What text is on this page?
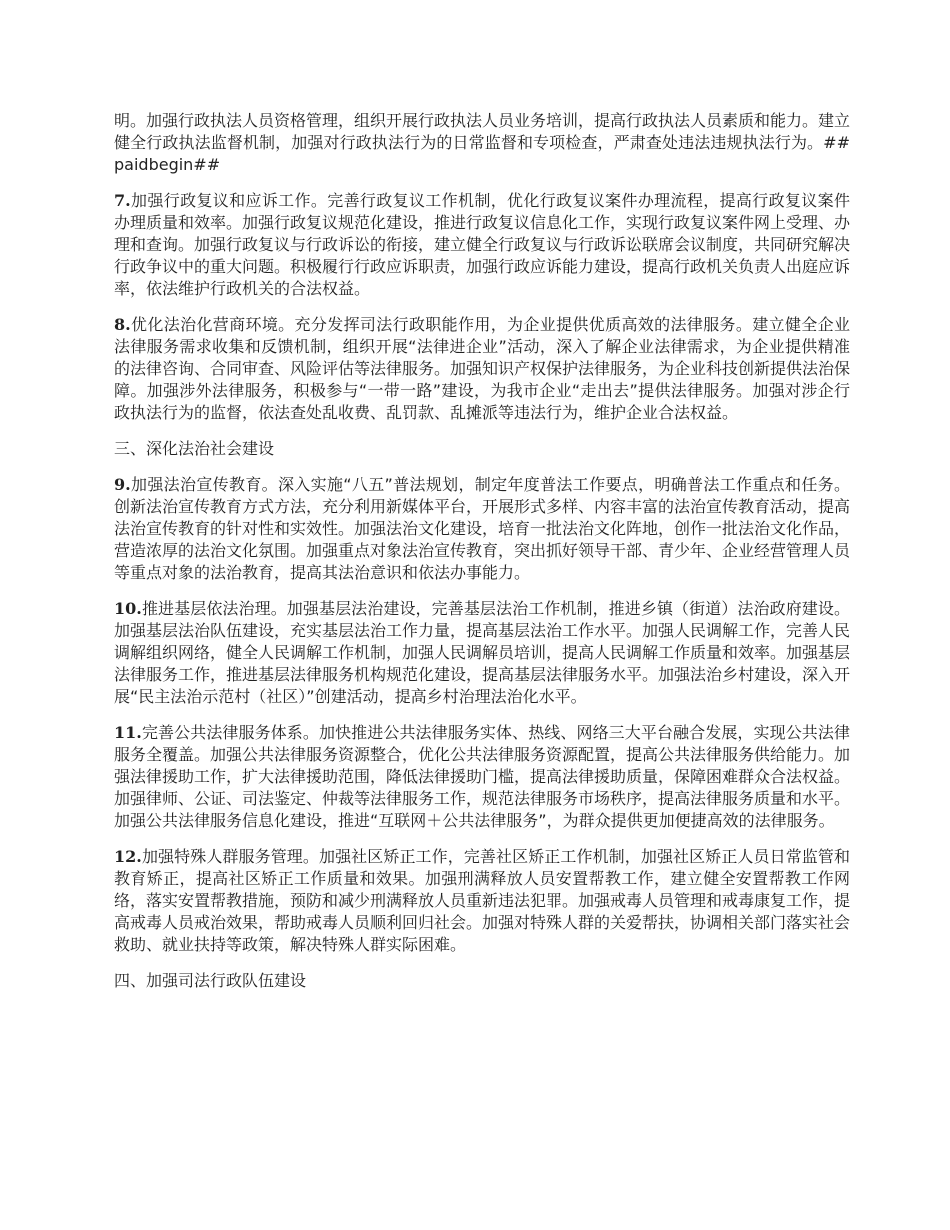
明。加强行政执法人员资格管理，组织开展行政执法人员业务培训，提高行政执法人员素质和能力。建立健全行政执法监督机制，加强对行政执法行为的日常监督和专项检查，严肃查处违法违规执法行为。##paidbegin##

7.加强行政复议和应诉工作。完善行政复议工作机制，优化行政复议案件办理流程，提高行政复议案件办理质量和效率。加强行政复议规范化建设，推进行政复议信息化工作，实现行政复议案件网上受理、办理和查询。加强行政复议与行政诉讼的衔接，建立健全行政复议与行政诉讼联席会议制度，共同研究解决行政争议中的重大问题。积极履行行政应诉职责，加强行政应诉能力建设，提高行政机关负责人出庭应诉率，依法维护行政机关的合法权益。

8.优化法治化营商环境。充分发挥司法行政职能作用，为企业提供优质高效的法律服务。建立健全企业法律服务需求收集和反馈机制，组织开展“法律进企业”活动，深入了解企业法律需求，为企业提供精准的法律咨询、合同审查、风险评估等法律服务。加强知识产权保护法律服务，为企业科技创新提供法治保障。加强涉外法律服务，积极参与“一带一路”建设，为我市企业“走出去”提供法律服务。加强对涉企行政执法行为的监督，依法查处乱收费、乱罚款、乱摊派等违法行为，维护企业合法权益。

三、深化法治社会建设

9.加强法治宣传教育。深入实施“八五”普法规划，制定年度普法工作要点，明确普法工作重点和任务。创新法治宣传教育方式方法，充分利用新媒体平台，开展形式多样、内容丰富的法治宣传教育活动，提高法治宣传教育的针对性和实效性。加强法治文化建设，培育一批法治文化阵地，创作一批法治文化作品，营造浓厚的法治文化氛围。加强重点对象法治宣传教育，突出抓好领导干部、青少年、企业经营管理人员等重点对象的法治教育，提高其法治意识和依法办事能力。

10.推进基层依法治理。加强基层法治建设，完善基层法治工作机制，推进乡镇（街道）法治政府建设。加强基层法治队伍建设，充实基层法治工作力量，提高基层法治工作水平。加强人民调解工作，完善人民调解组织网络，健全人民调解工作机制，加强人民调解员培训，提高人民调解工作质量和效率。加强基层法律服务工作，推进基层法律服务机构规范化建设，提高基层法律服务水平。加强法治乡村建设，深入开展“民主法治示范村（社区）”创建活动，提高乡村治理法治化水平。

11.完善公共法律服务体系。加快推进公共法律服务实体、热线、网络三大平台融合发展，实现公共法律服务全覆盖。加强公共法律服务资源整合，优化公共法律服务资源配置，提高公共法律服务供给能力。加强法律援助工作，扩大法律援助范围，降低法律援助门槛，提高法律援助质量，保障困难群众合法权益。加强律师、公证、司法鉴定、仲裁等法律服务工作，规范法律服务市场秩序，提高法律服务质量和水平。加强公共法律服务信息化建设，推进“互联网＋公共法律服务”，为群众提供更加便捷高效的法律服务。

12.加强特殊人群服务管理。加强社区矫正工作，完善社区矫正工作机制，加强社区矫正人员日常监管和教育矫正，提高社区矫正工作质量和效果。加强刑满释放人员安置帮教工作，建立健全安置帮教工作网络，落实安置帮教措施，预防和减少刑满释放人员重新违法犯罪。加强戒毒人员管理和戒毒康复工作，提高戒毒人员戒治效果，帮助戒毒人员顺利回归社会。加强对特殊人群的关爱帮扶，协调相关部门落实社会救助、就业扶持等政策，解决特殊人群实际困难。

四、加强司法行政队伍建设
